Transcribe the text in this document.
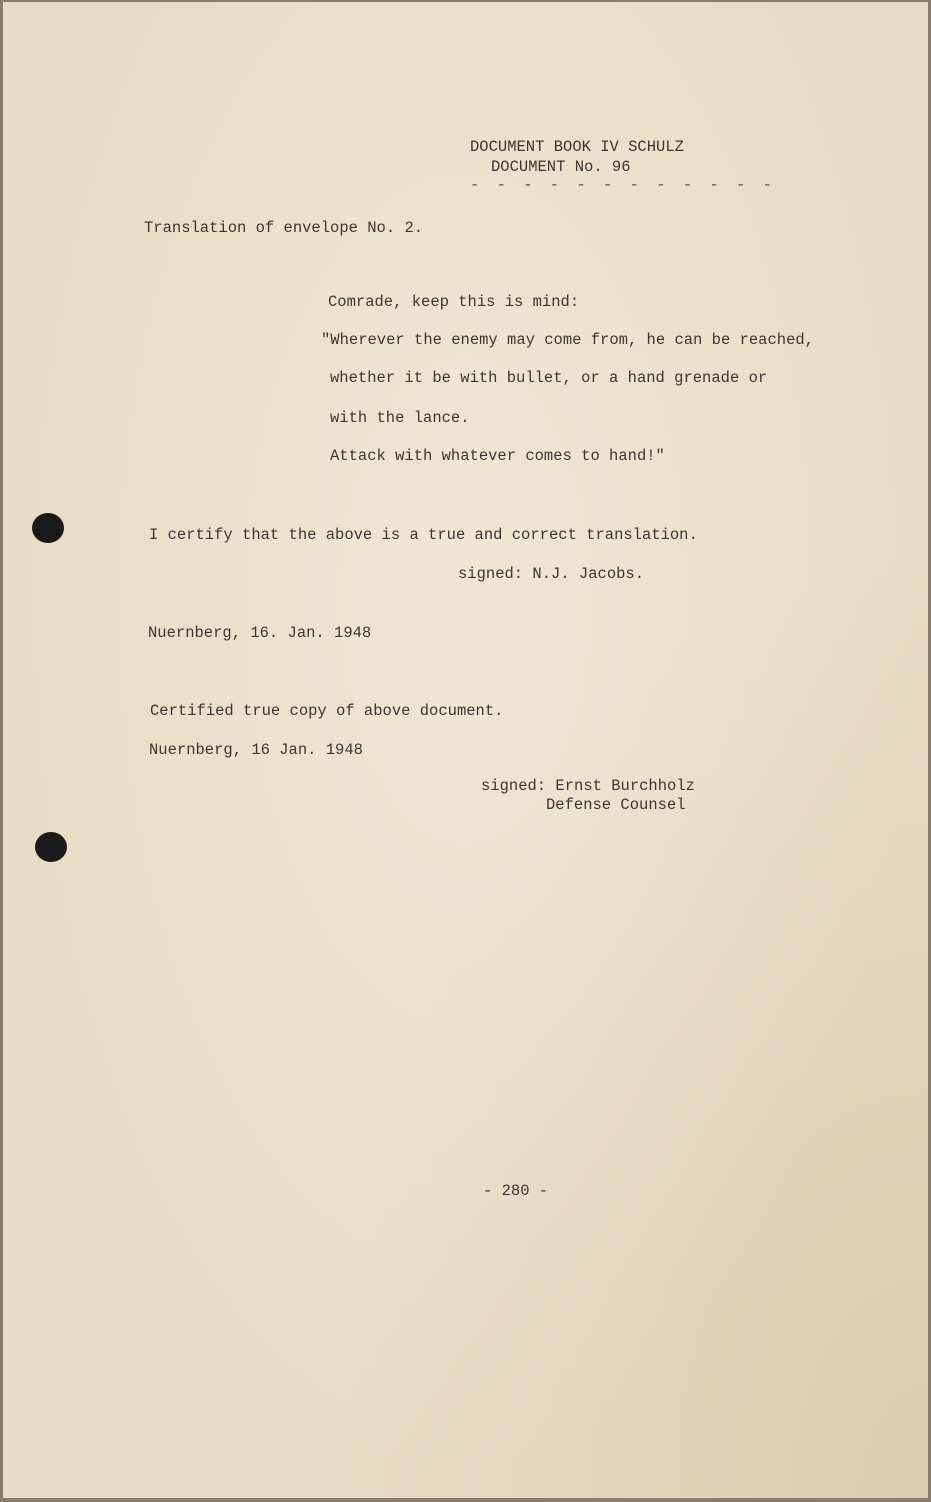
DOCUMENT BOOK IV SCHULZ
DOCUMENT No. 96
- - - - - - - - - - - -
Translation of envelope No. 2.
Comrade, keep this is mind:
"Wherever the enemy may come from, he can be reached,
whether it be with bullet, or a hand grenade or
with the lance.
Attack with whatever comes to hand!"
I certify that the above is a true and correct translation.
signed: N.J. Jacobs.
Nuernberg, 16. Jan. 1948
Certified true copy of above document.
Nuernberg, 16 Jan. 1948
signed: Ernst Burchholz
Defense Counsel
- 280 -
